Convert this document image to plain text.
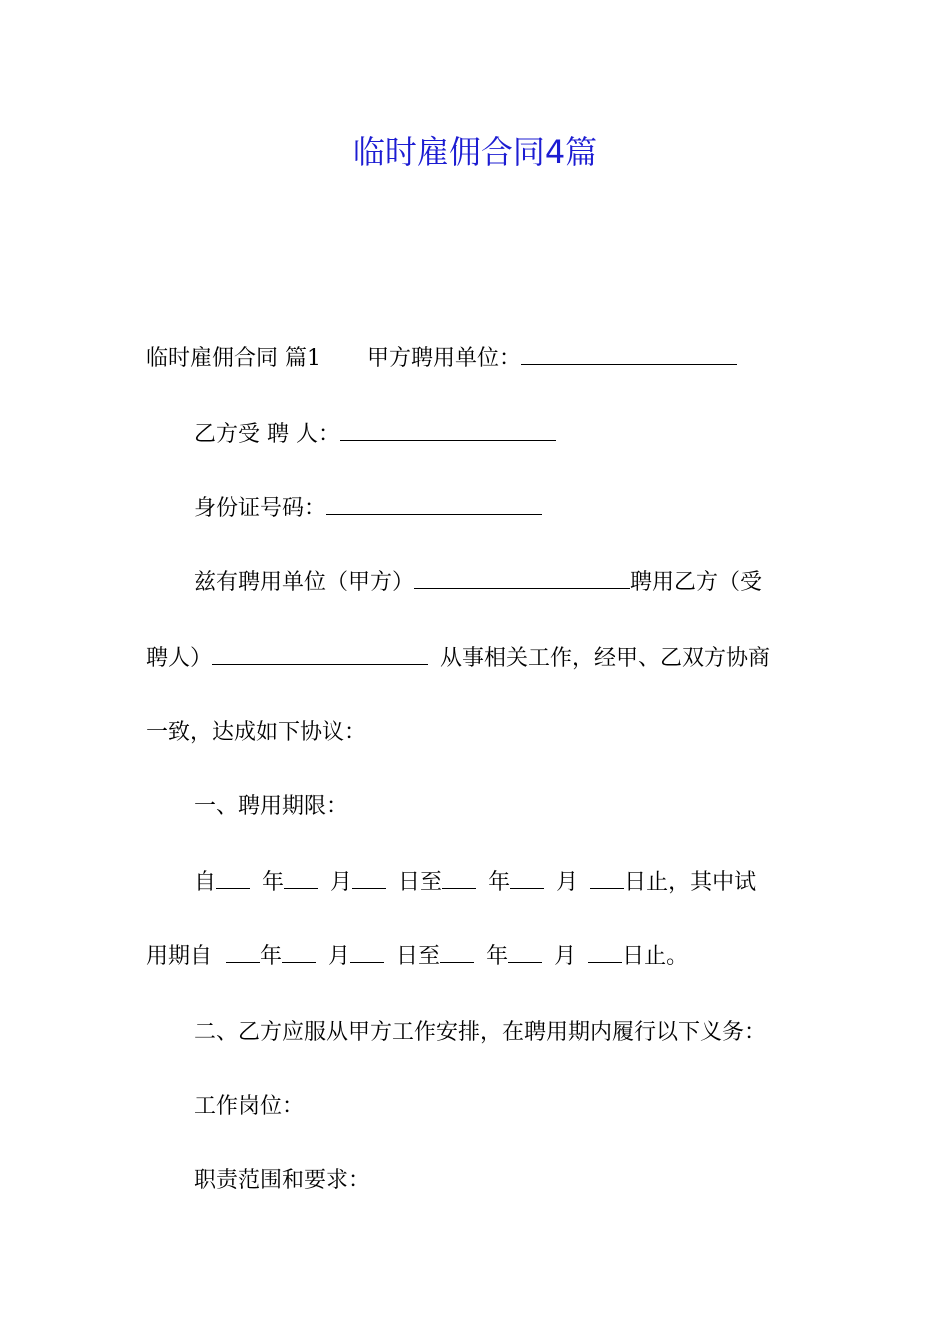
临时雇佣合同4篇
临时雇佣合同 篇1 甲方聘用单位：
乙方受 聘 人：
身份证号码：
兹有聘用单位（甲方）	聘用乙方（受
聘人）	从事相关工作，经甲、乙双方协商
一致，达成如下协议：
一、聘用期限：
自 年 月 日至 年 月 日止，其中试
用期自 年 月 日至 年 月 日止。
二、乙方应服从甲方工作安排，在聘用期内履行以下义务：
工作岗位：
职责范围和要求：
